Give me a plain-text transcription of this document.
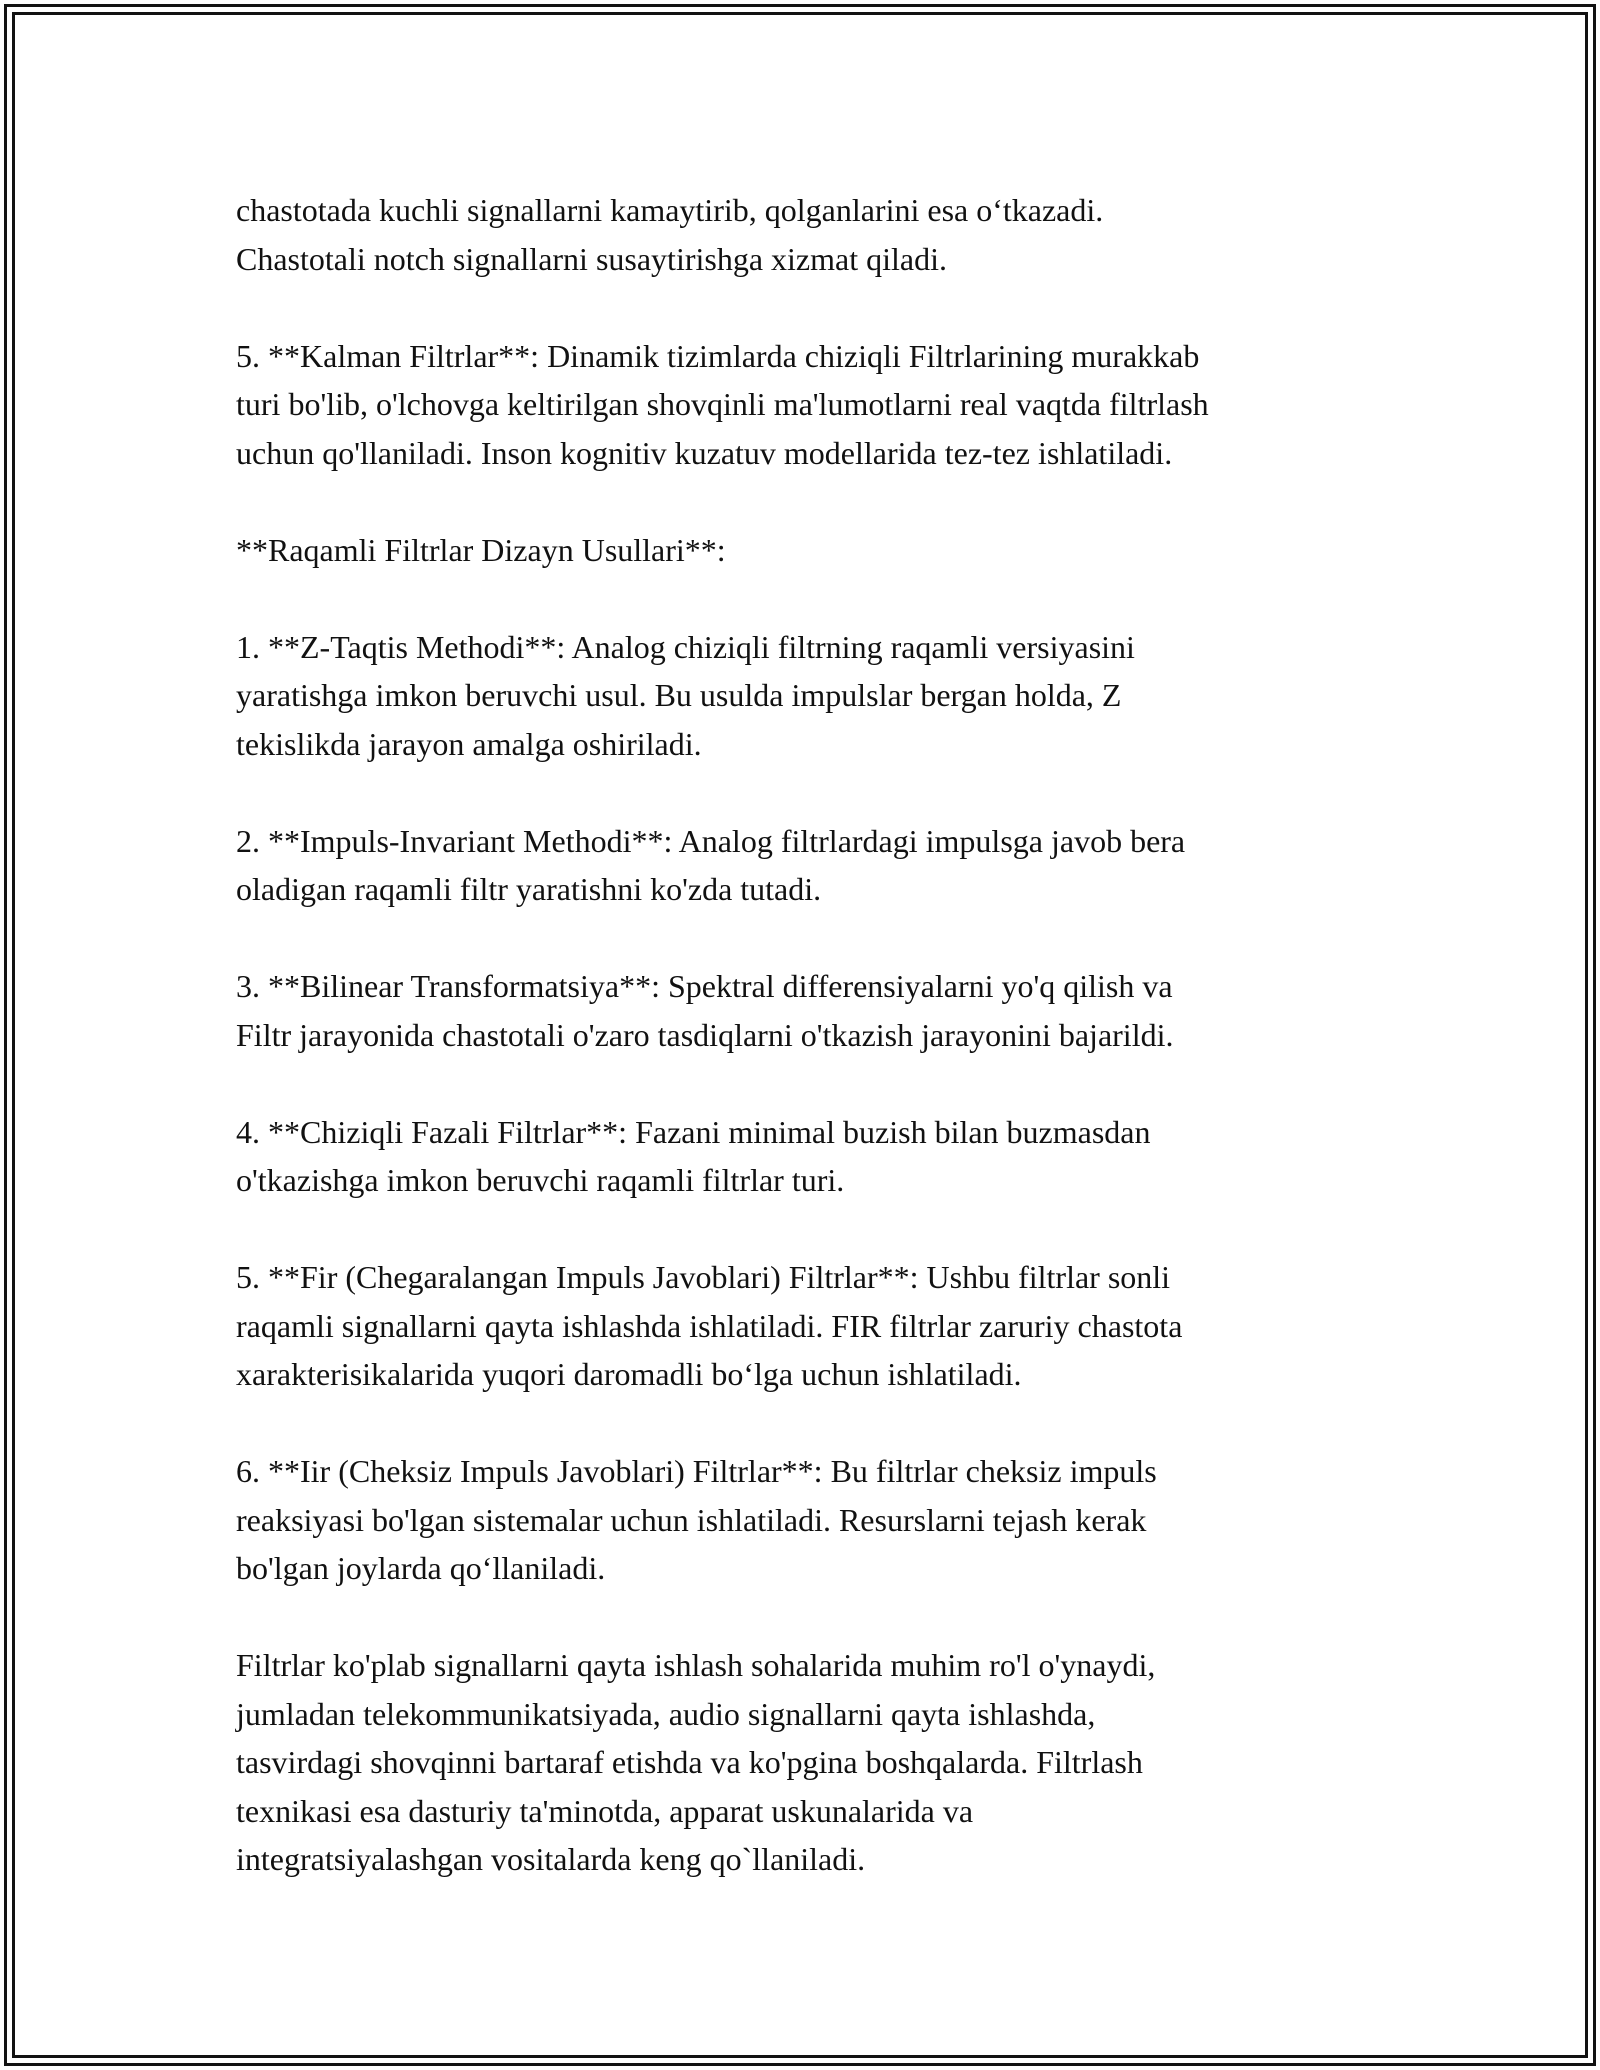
chastotada kuchli signallarni kamaytirib, qolganlarini esa o‘tkazadi.
Chastotali notch signallarni susaytirishga xizmat qiladi.
5. **Kalman Filtrlar**: Dinamik tizimlarda chiziqli Filtrlarining murakkab
turi bo'lib, o'lchovga keltirilgan shovqinli ma'lumotlarni real vaqtda filtrlash
uchun qo'llaniladi. Inson kognitiv kuzatuv modellarida tez-tez ishlatiladi.
**Raqamli Filtrlar Dizayn Usullari**:
1. **Z-Taqtis Methodi**: Analog chiziqli filtrning raqamli versiyasini
yaratishga imkon beruvchi usul. Bu usulda impulslar bergan holda, Z
tekislikda jarayon amalga oshiriladi.
2. **Impuls-Invariant Methodi**: Analog filtrlardagi impulsga javob bera
oladigan raqamli filtr yaratishni ko'zda tutadi.
3. **Bilinear Transformatsiya**: Spektral differensiyalarni yo'q qilish va
Filtr jarayonida chastotali o'zaro tasdiqlarni o'tkazish jarayonini bajarildi.
4. **Chiziqli Fazali Filtrlar**: Fazani minimal buzish bilan buzmasdan
o'tkazishga imkon beruvchi raqamli filtrlar turi.
5. **Fir (Chegaralangan Impuls Javoblari) Filtrlar**: Ushbu filtrlar sonli
raqamli signallarni qayta ishlashda ishlatiladi. FIR filtrlar zaruriy chastota
xarakterisikalarida yuqori daromadli bo‘lga uchun ishlatiladi.
6. **Iir (Cheksiz Impuls Javoblari) Filtrlar**: Bu filtrlar cheksiz impuls
reaksiyasi bo'lgan sistemalar uchun ishlatiladi. Resurslarni tejash kerak
bo'lgan joylarda qo‘llaniladi.
Filtrlar ko'plab signallarni qayta ishlash sohalarida muhim ro'l o'ynaydi,
jumladan telekommunikatsiyada, audio signallarni qayta ishlashda,
tasvirdagi shovqinni bartaraf etishda va ko'pgina boshqalarda. Filtrlash
texnikasi esa dasturiy ta'minotda, apparat uskunalarida va
integratsiyalashgan vositalarda keng qo`llaniladi.
